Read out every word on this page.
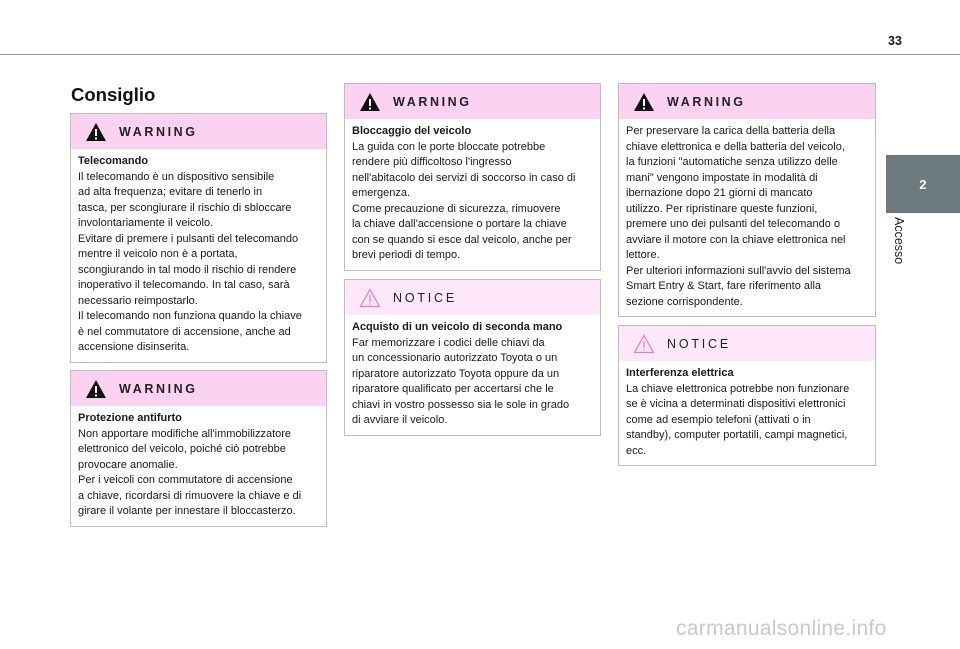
33
2
Accesso
Consiglio
WARNING
Telecomando
Il telecomando è un dispositivo sensibile
ad alta frequenza; evitare di tenerlo in
tasca, per scongiurare il rischio di sbloccare
involontariamente il veicolo.
Evitare di premere i pulsanti del telecomando
mentre il veicolo non è a portata,
scongiurando in tal modo il rischio di rendere
inoperativo il telecomando. In tal caso, sarà
necessario reimpostarlo.
Il telecomando non funziona quando la chiave
è nel commutatore di accensione, anche ad
accensione disinserita.
WARNING
Protezione antifurto
Non apportare modifiche all'immobilizzatore
elettronico del veicolo, poiché ciò potrebbe
provocare anomalie.
Per i veicoli con commutatore di accensione
a chiave, ricordarsi di rimuovere la chiave e di
girare il volante per innestare il bloccasterzo.
WARNING
Bloccaggio del veicolo
La guida con le porte bloccate potrebbe
rendere più difficoltoso l'ingresso
nell'abitacolo dei servizi di soccorso in caso di
emergenza.
Come precauzione di sicurezza, rimuovere
la chiave dall'accensione o portare la chiave
con se quando si esce dal veicolo, anche per
brevi periodi di tempo.
NOTICE
Acquisto di un veicolo di seconda mano
Far memorizzare i codici delle chiavi da
un concessionario autorizzato Toyota o un
riparatore autorizzato Toyota oppure da un
riparatore qualificato per accertarsi che le
chiavi in vostro possesso sia le sole in grado
di avviare il veicolo.
WARNING
Per preservare la carica della batteria della
chiave elettronica e della batteria del veicolo,
la funzioni "automatiche senza utilizzo delle
mani" vengono impostate in modalità di
ibernazione dopo 21 giorni di mancato
utilizzo. Per ripristinare queste funzioni,
premere uno dei pulsanti del telecomando o
avviare il motore con la chiave elettronica nel
lettore.
Per ulteriori informazioni sull'avvio del sistema
Smart Entry & Start, fare riferimento alla
sezione corrispondente.
NOTICE
Interferenza elettrica
La chiave elettronica potrebbe non funzionare
se è vicina a determinati dispositivi elettronici
come ad esempio telefoni (attivati o in
standby), computer portatili, campi magnetici,
ecc.
carmanualsonline.info
